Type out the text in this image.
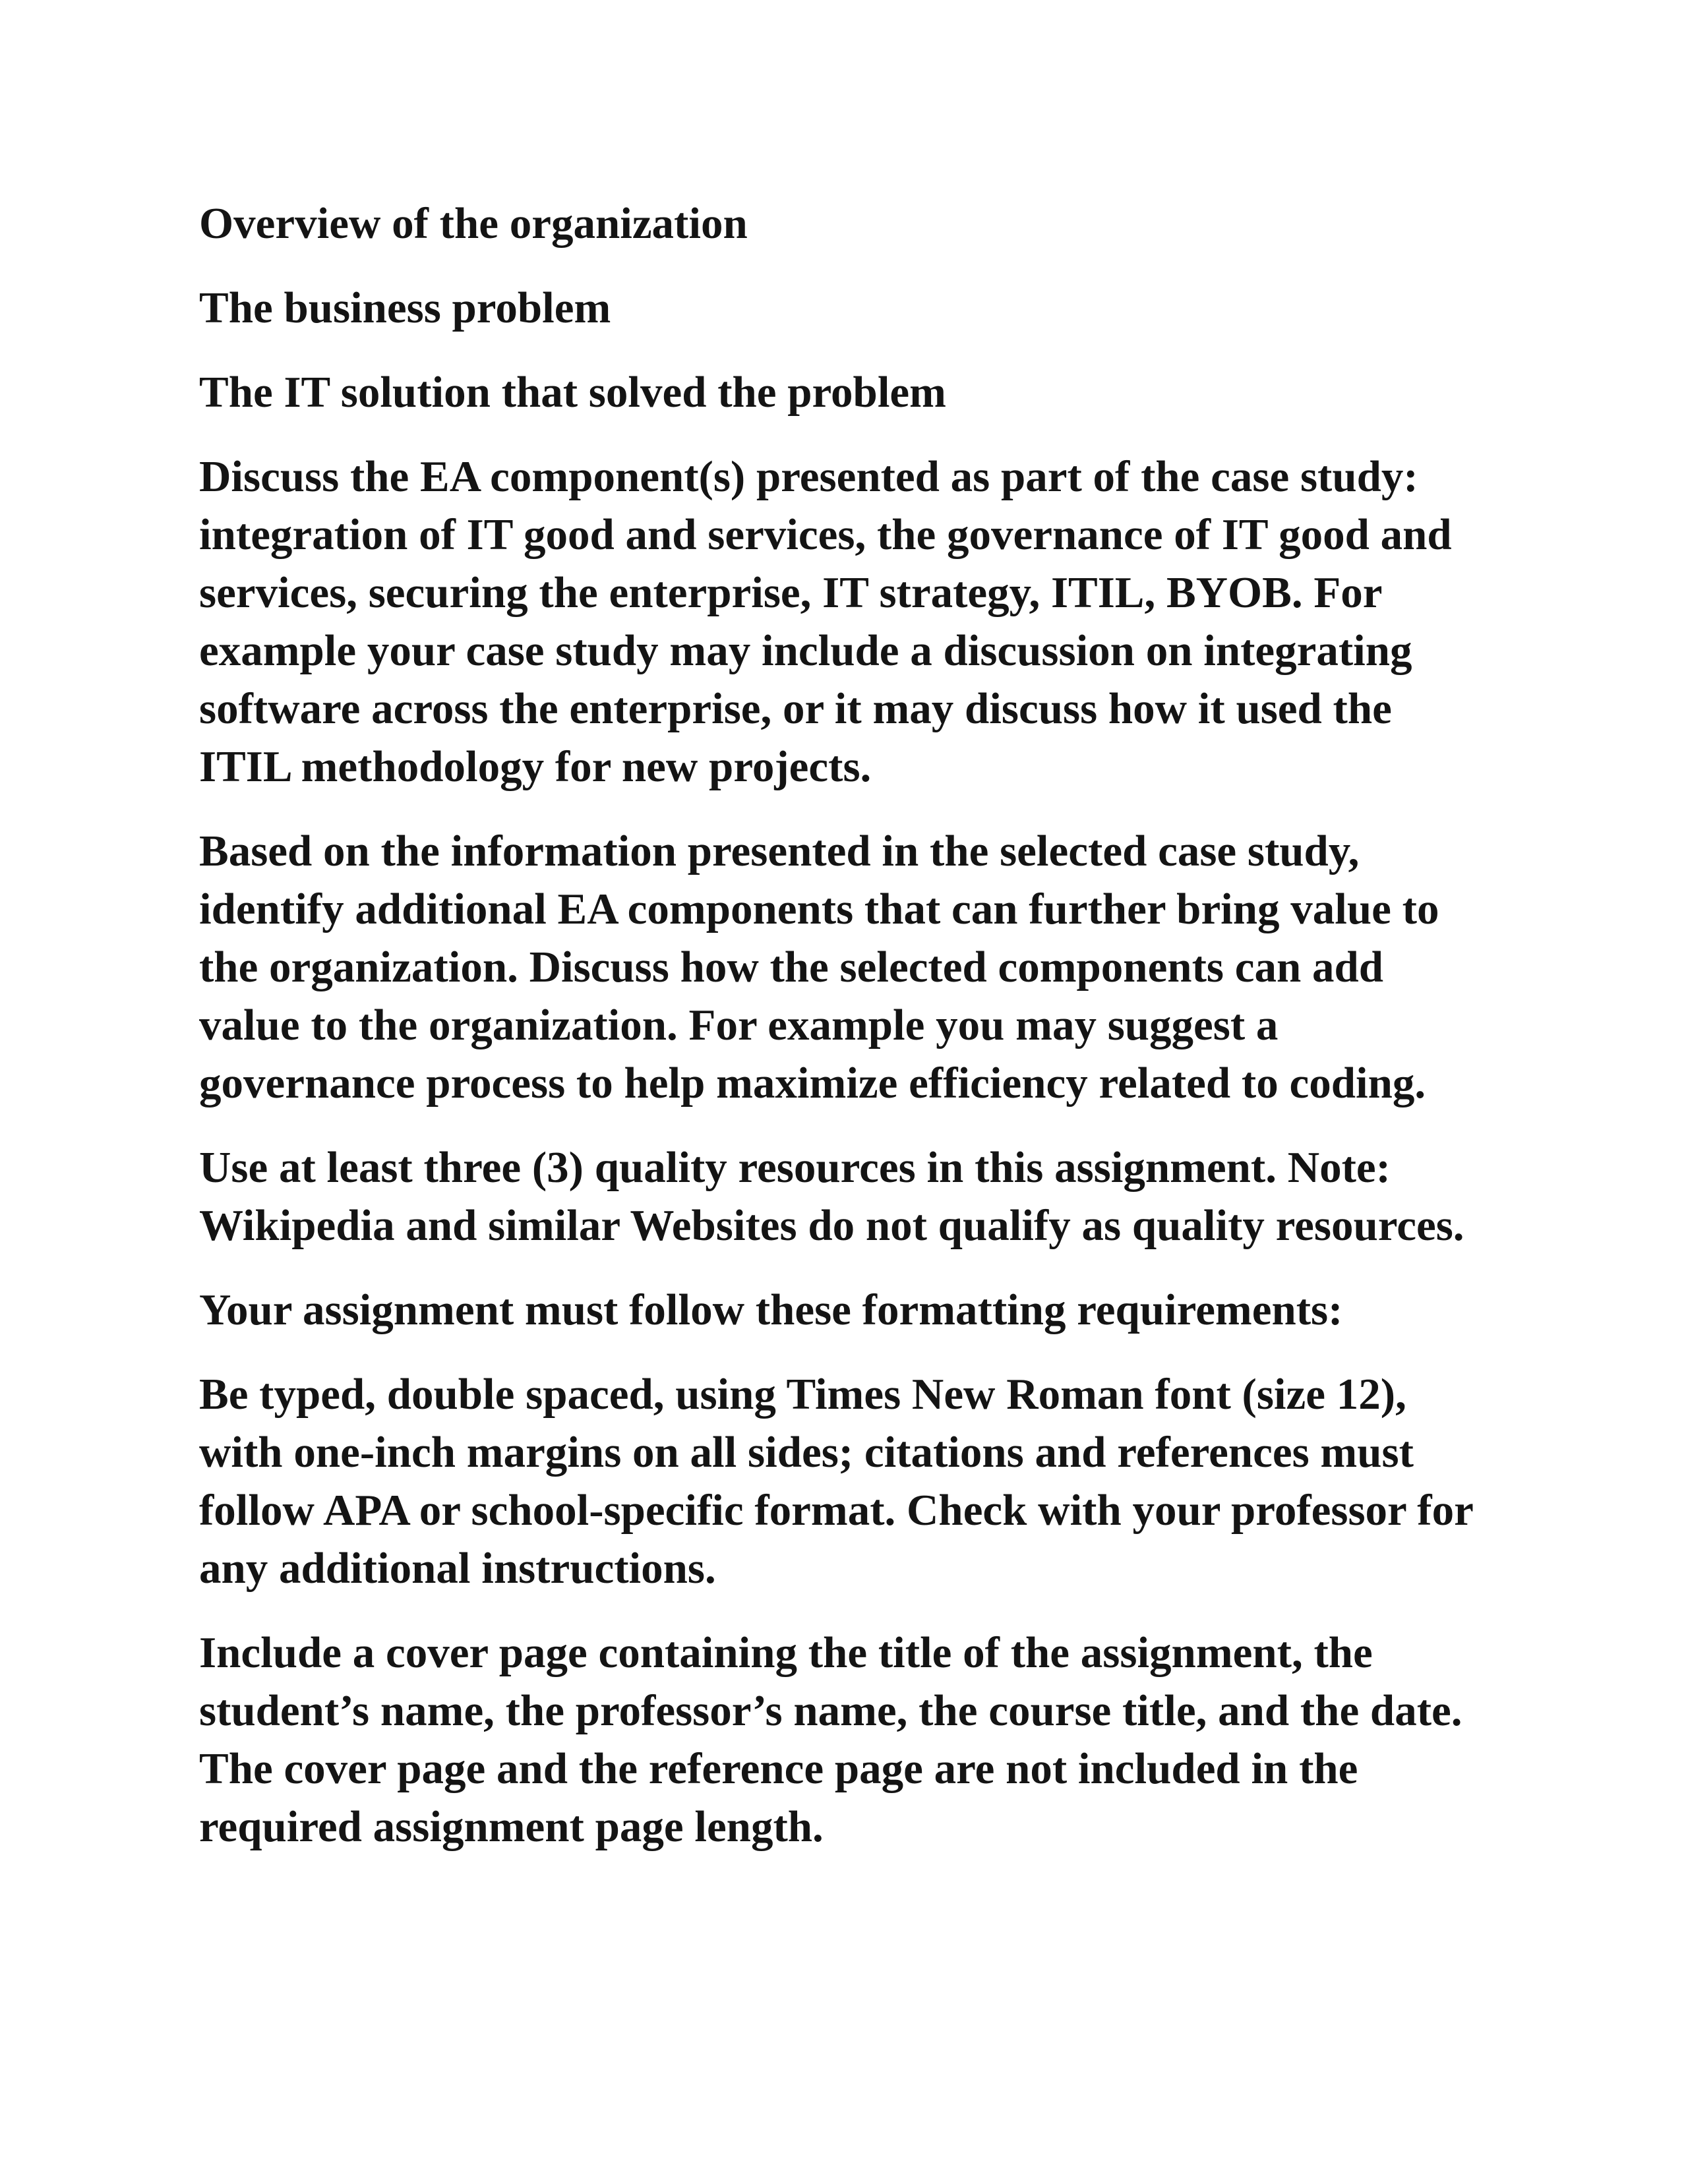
Overview of the organization

The business problem

The IT solution that solved the problem

Discuss the EA component(s) presented as part of the case study:
integration of IT good and services, the governance of IT good and
services, securing the enterprise, IT strategy, ITIL, BYOB. For
example your case study may include a discussion on integrating
software across the enterprise, or it may discuss how it used the
ITIL methodology for new projects.

Based on the information presented in the selected case study,
identify additional EA components that can further bring value to
the organization. Discuss how the selected components can add
value to the organization. For example you may suggest a
governance process to help maximize efficiency related to coding.

Use at least three (3) quality resources in this assignment. Note:
Wikipedia and similar Websites do not qualify as quality resources.

Your assignment must follow these formatting requirements:

Be typed, double spaced, using Times New Roman font (size 12),
with one-inch margins on all sides; citations and references must
follow APA or school-specific format. Check with your professor for
any additional instructions.

Include a cover page containing the title of the assignment, the
student’s name, the professor’s name, the course title, and the date.
The cover page and the reference page are not included in the
required assignment page length.
